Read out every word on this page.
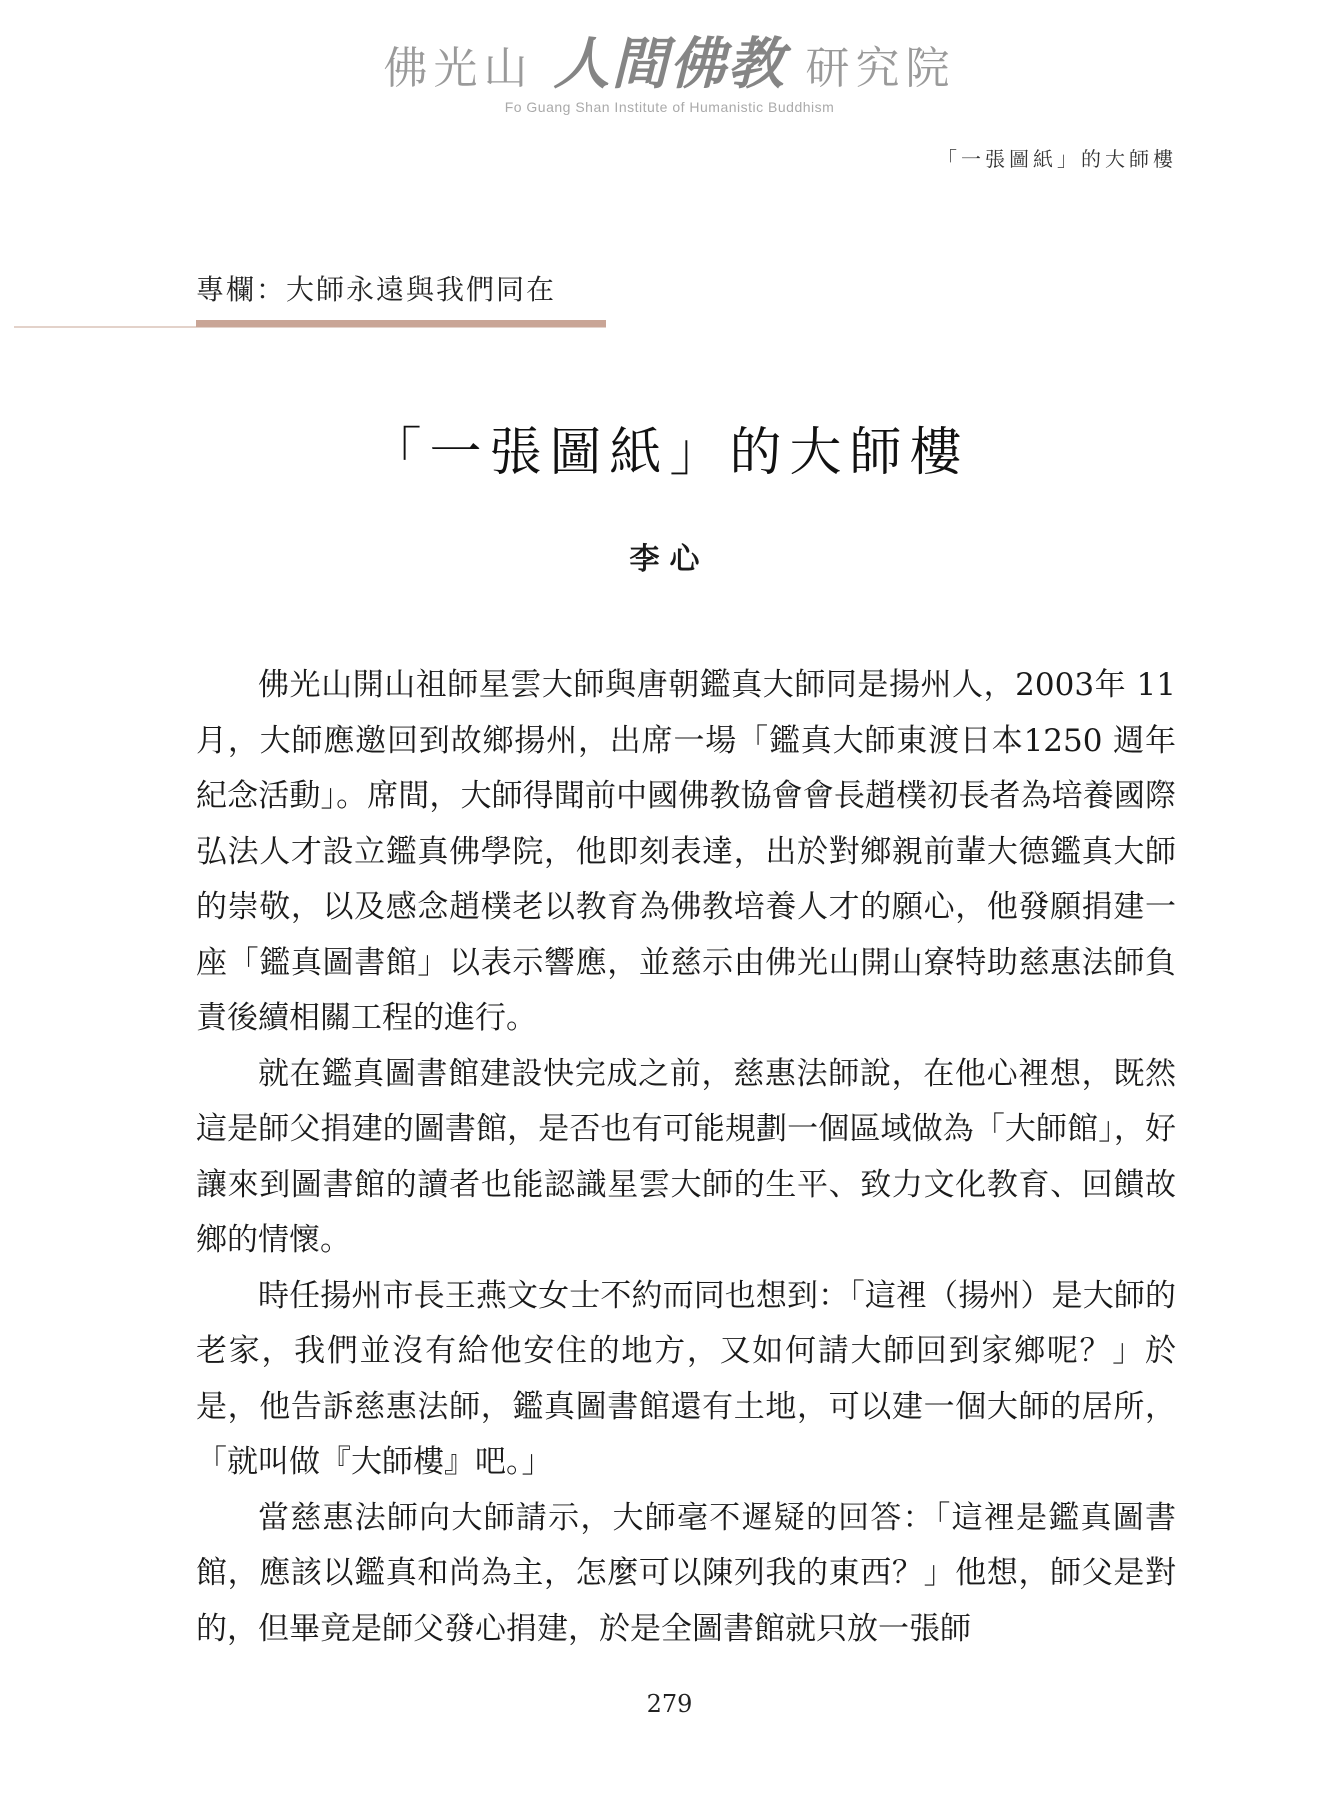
佛光山 人間佛教 研究院
Fo Guang Shan Institute of Humanistic Buddhism
「一張圖紙」的大師樓
專欄：大師永遠與我們同在
「一張圖紙」的大師樓
李心

佛光山開山祖師星雲大師與唐朝鑑真大師同是揚州人，2003年 11 月，大師應邀回到故鄉揚州，出席一場「鑑真大師東渡日本1250 週年紀念活動」。席間，大師得聞前中國佛教協會會長趙樸初長者為培養國際弘法人才設立鑑真佛學院，他即刻表達，出於對鄉親前輩大德鑑真大師的崇敬，以及感念趙樸老以教育為佛教培養人才的願心，他發願捐建一座「鑑真圖書館」以表示響應，並慈示由佛光山開山寮特助慈惠法師負責後續相關工程的進行。

就在鑑真圖書館建設快完成之前，慈惠法師說，在他心裡想，既然這是師父捐建的圖書館，是否也有可能規劃一個區域做為「大師館」，好讓來到圖書館的讀者也能認識星雲大師的生平、致力文化教育、回饋故鄉的情懷。

時任揚州市長王燕文女士不約而同也想到：「這裡（揚州）是大師的老家，我們並沒有給他安住的地方，又如何請大師回到家鄉呢？」於是，他告訴慈惠法師，鑑真圖書館還有土地，可以建一個大師的居所，「就叫做『大師樓』吧。」

當慈惠法師向大師請示，大師毫不遲疑的回答：「這裡是鑑真圖書館，應該以鑑真和尚為主，怎麼可以陳列我的東西？」他想，師父是對的，但畢竟是師父發心捐建，於是全圖書館就只放一張師

279
